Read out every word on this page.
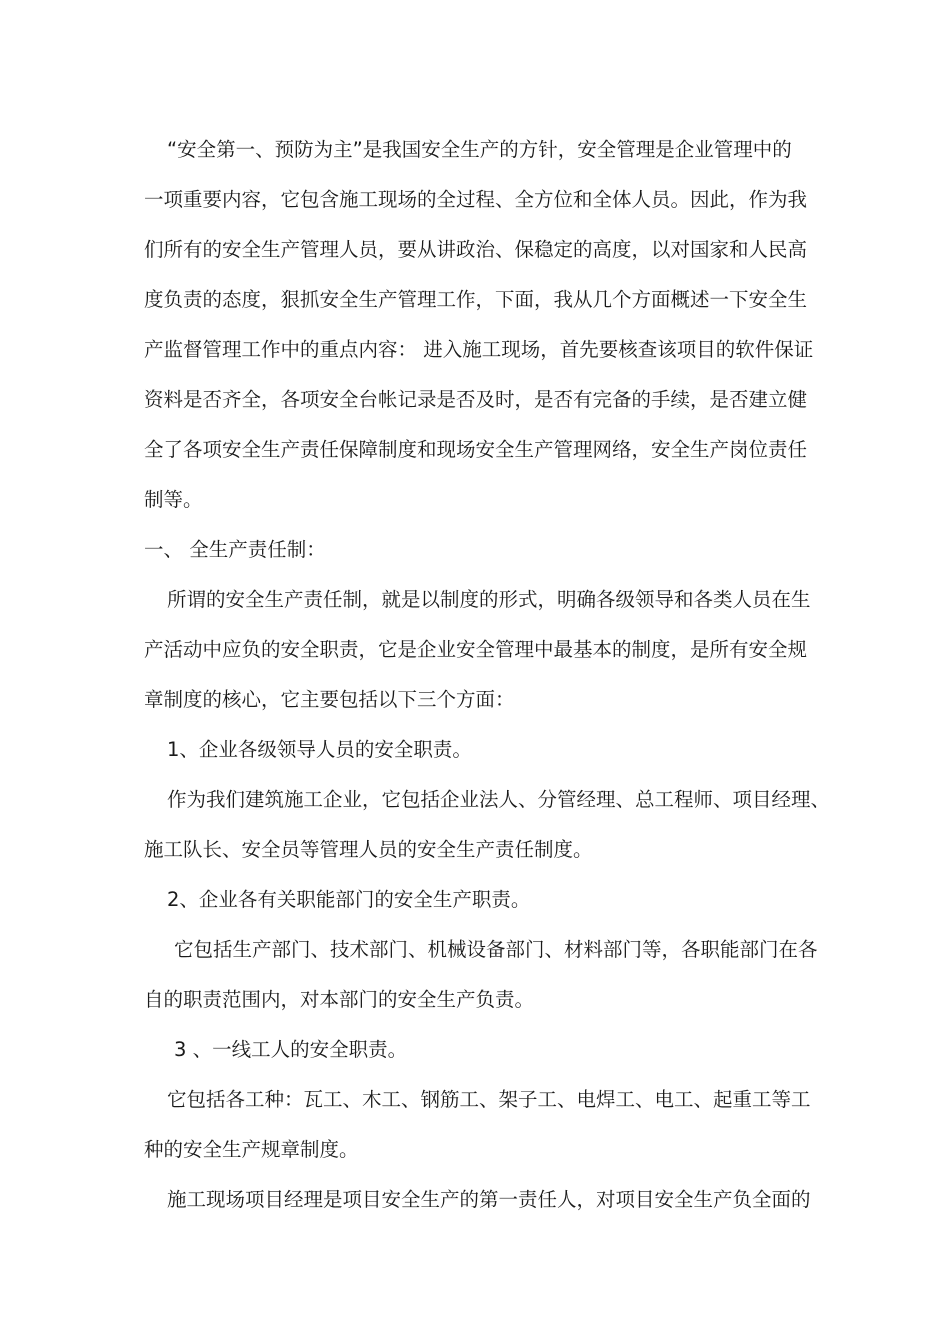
“安全第一、预防为主”是我国安全生产的方针，安全管理是企业管理中的
一项重要内容，它包含施工现场的全过程、全方位和全体人员。因此，作为我
们所有的安全生产管理人员，要从讲政治、保稳定的高度，以对国家和人民高
度负责的态度，狠抓安全生产管理工作，下面，我从几个方面概述一下安全生
产监督管理工作中的重点内容： 进入施工现场，首先要核查该项目的软件保证
资料是否齐全，各项安全台帐记录是否及时，是否有完备的手续，是否建立健
全了各项安全生产责任保障制度和现场安全生产管理网络，安全生产岗位责任
制等。
一、 全生产责任制：
所谓的安全生产责任制，就是以制度的形式，明确各级领导和各类人员在生
产活动中应负的安全职责，它是企业安全管理中最基本的制度，是所有安全规
章制度的核心，它主要包括以下三个方面：
1、企业各级领导人员的安全职责。
作为我们建筑施工企业，它包括企业法人、分管经理、总工程师、项目经理、
施工队长、安全员等管理人员的安全生产责任制度。
2、企业各有关职能部门的安全生产职责。
它包括生产部门、技术部门、机械设备部门、材料部门等，各职能部门在各
自的职责范围内，对本部门的安全生产负责。
3 、一线工人的安全职责。
它包括各工种：瓦工、木工、钢筋工、架子工、电焊工、电工、起重工等工
种的安全生产规章制度。
施工现场项目经理是项目安全生产的第一责任人，对项目安全生产负全面的
